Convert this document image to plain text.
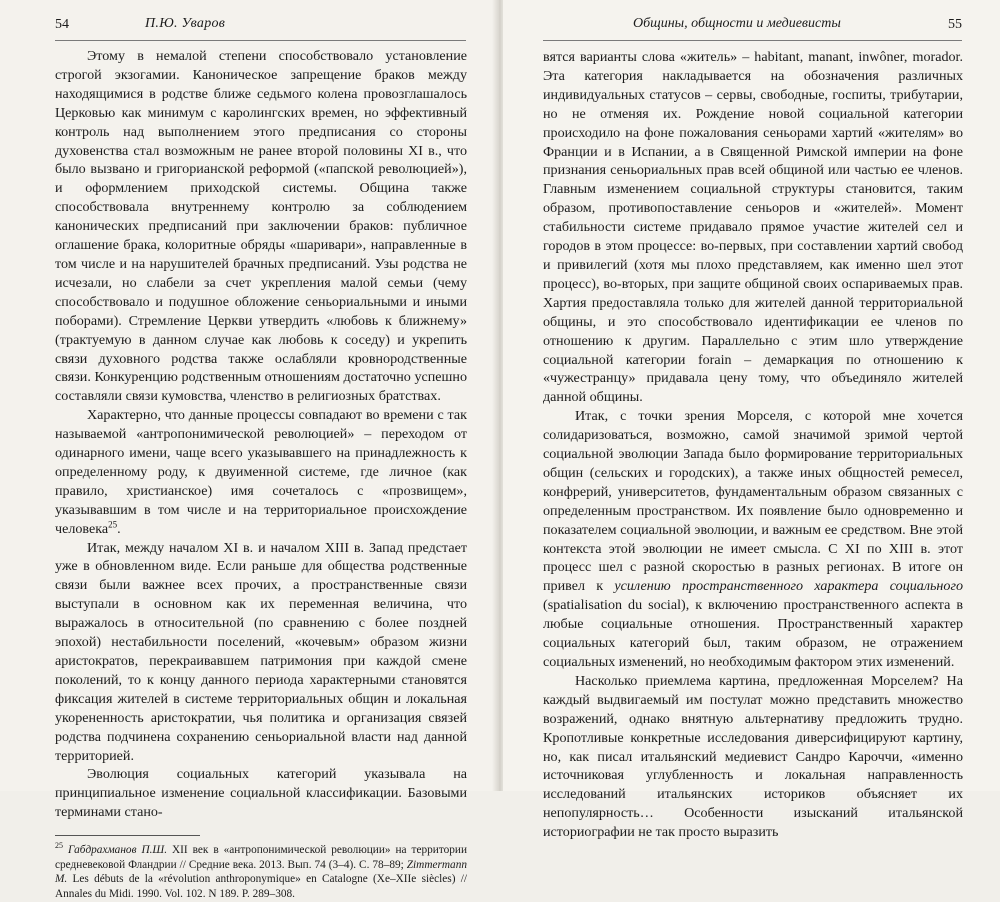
54	П.Ю. Уваров

Этому в немалой степени способствовало установление строгой экзогамии. Каноническое запрещение браков между находящимися в родстве ближе седьмого колена провозглашалось Церковью как минимум с каролингских времен, но эффективный контроль над выполнением этого предписания со стороны духовенства стал возможным не ранее второй половины XI в., что было вызвано и григорианской реформой («папской революцией»), и оформлением приходской системы. Община также способствовала внутреннему контролю за соблюдением канонических предписаний при заключении браков: публичное оглашение брака, колоритные обряды «шаривари», направленные в том числе и на нарушителей брачных предписаний. Узы родства не исчезали, но слабели за счет укрепления малой семьи (чему способствовало и подушное обложение сеньориальными и иными поборами). Стремление Церкви утвердить «любовь к ближнему» (трактуемую в данном случае как любовь к соседу) и укрепить связи духовного родства также ослабляли кровнородственные связи. Конкуренцию родственным отношениям достаточно успешно составляли связи кумовства, членство в религиозных братствах.

Характерно, что данные процессы совпадают во времени с так называемой «антропонимической революцией» – переходом от одинарного имени, чаще всего указывавшего на принадлежность к определенному роду, к двуименной системе, где личное (как правило, христианское) имя сочеталось с «прозвищем», указывавшим в том числе и на территориальное происхождение человека$^{25}$.

Итак, между началом XI в. и началом XIII в. Запад предстает уже в обновленном виде. Если раньше для общества родственные связи были важнее всех прочих, а пространственные связи выступали в основном как их переменная величина, что выражалось в относительной (по сравнению с более поздней эпохой) нестабильности поселений, «кочевым» образом жизни аристократов, перекраивавшем патримония при каждой смене поколений, то к концу данного периода характерными становятся фиксация жителей в системе территориальных общин и локальная укорененность аристократии, чья политика и организация связей родства подчинена сохранению сеньориальной власти над данной территорией.

Эволюция социальных категорий указывала на принципиальное изменение социальной классификации. Базовыми терминами стано-

$^{25}$ Габдрахманов П.Ш. XII век в «антропонимической революции» на территории средневековой Фландрии // Средние века. 2013. Вып. 74 (3–4). С. 78–89; Zimmermann M. Les débuts de la «révolution anthroponymique» en Catalogne (Xe–XIIe siècles) // Annales du Midi. 1990. Vol. 102. N 189. P. 289–308.
Общины, общности и медиевисты	55

вятся варианты слова «житель» – habitant, manant, inwôner, morador. Эта категория накладывается на обозначения различных индивидуальных статусов – сервы, свободные, госпиты, трибутарии, но не отменяя их. Рождение новой социальной категории происходило на фоне пожалования сеньорами хартий «жителям» во Франции и в Испании, а в Священной Римской империи на фоне признания сеньориальных прав всей общиной или частью ее членов. Главным изменением социальной структуры становится, таким образом, противопоставление сеньоров и «жителей». Момент стабильности системе придавало прямое участие жителей сел и городов в этом процессе: во-первых, при составлении хартий свобод и привилегий (хотя мы плохо представляем, как именно шел этот процесс), во-вторых, при защите общиной своих оспариваемых прав. Хартия предоставляла только для жителей данной территориальной общины, и это способствовало идентификации ее членов по отношению к другим. Параллельно с этим шло утверждение социальной категории forain – демаркация по отношению к «чужестранцу» придавала цену тому, что объединяло жителей данной общины.

Итак, с точки зрения Морселя, с которой мне хочется солидаризоваться, возможно, самой значимой зримой чертой социальной эволюции Запада было формирование территориальных общин (сельских и городских), а также иных общностей ремесел, конфрерий, университетов, фундаментальным образом связанных с определенным пространством. Их появление было одновременно и показателем социальной эволюции, и важным ее средством. Вне этой контекста этой эволюции не имеет смысла. С XI по XIII в. этот процесс шел с разной скоростью в разных регионах. В итоге он привел к усилению пространственного характера социального (spatialisation du social), к включению пространственного аспекта в любые социальные отношения. Пространственный характер социальных категорий был, таким образом, не отражением социальных изменений, но необходимым фактором этих изменений.

Насколько приемлема картина, предложенная Морселем? На каждый выдвигаемый им постулат можно представить множество возражений, однако внятную альтернативу предложить трудно. Кропотливые конкретные исследования диверсифицируют картину, но, как писал итальянский медиевист Сандро Кароччи, «именно источниковая углубленность и локальная направленность исследований итальянских историков объясняет их непопулярность… Особенности изысканий итальянской историографии не так просто выразить
